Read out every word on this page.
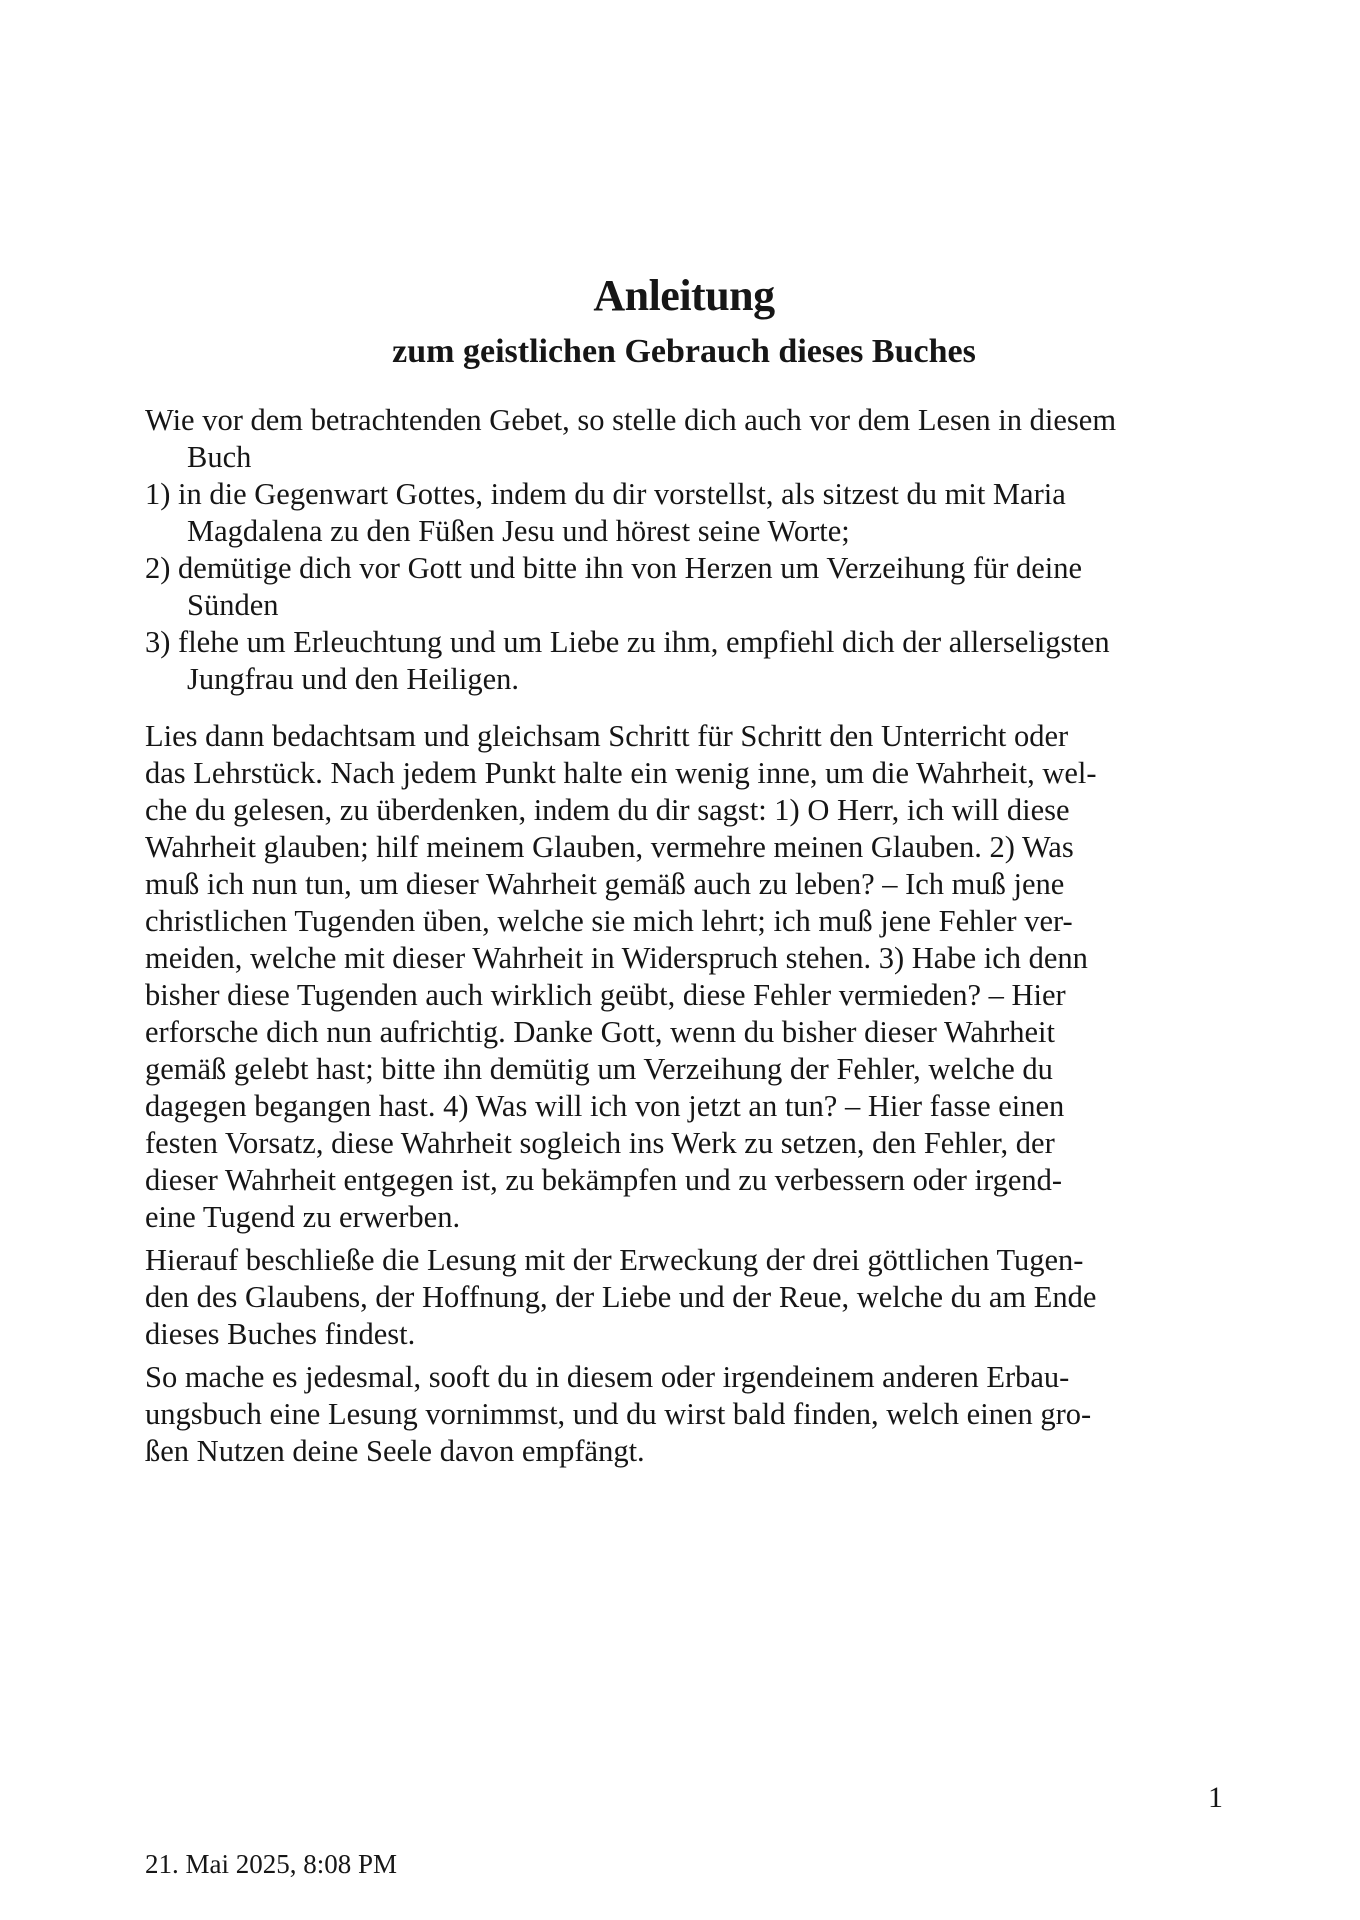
Anleitung
zum geistlichen Gebrauch dieses Buches
Wie vor dem betrachtenden Gebet, so stelle dich auch vor dem Lesen in diesem
Buch
1) in die Gegenwart Gottes, indem du dir vorstellst, als sitzest du mit Maria
Magdalena zu den Füßen Jesu und hörest seine Worte;
2) demütige dich vor Gott und bitte ihn von Herzen um Verzeihung für deine
Sünden
3) flehe um Erleuchtung und um Liebe zu ihm, empfiehl dich der allerseligsten
Jungfrau und den Heiligen.
Lies dann bedachtsam und gleichsam Schritt für Schritt den Unterricht oder
das Lehrstück. Nach jedem Punkt halte ein wenig inne, um die Wahrheit, wel-
che du gelesen, zu überdenken, indem du dir sagst: 1) O Herr, ich will diese
Wahrheit glauben; hilf meinem Glauben, vermehre meinen Glauben. 2) Was
muß ich nun tun, um dieser Wahrheit gemäß auch zu leben? – Ich muß jene
christlichen Tugenden üben, welche sie mich lehrt; ich muß jene Fehler ver-
meiden, welche mit dieser Wahrheit in Widerspruch stehen. 3) Habe ich denn
bisher diese Tugenden auch wirklich geübt, diese Fehler vermieden? – Hier
erforsche dich nun aufrichtig. Danke Gott, wenn du bisher dieser Wahrheit
gemäß gelebt hast; bitte ihn demütig um Verzeihung der Fehler, welche du
dagegen begangen hast. 4) Was will ich von jetzt an tun? – Hier fasse einen
festen Vorsatz, diese Wahrheit sogleich ins Werk zu setzen, den Fehler, der
dieser Wahrheit entgegen ist, zu bekämpfen und zu verbessern oder irgend-
eine Tugend zu erwerben.
Hierauf beschließe die Lesung mit der Erweckung der drei göttlichen Tugen-
den des Glaubens, der Hoffnung, der Liebe und der Reue, welche du am Ende
dieses Buches findest.
So mache es jedesmal, sooft du in diesem oder irgendeinem anderen Erbau-
ungsbuch eine Lesung vornimmst, und du wirst bald finden, welch einen gro-
ßen Nutzen deine Seele davon empfängt.
1
21. Mai 2025, 8:08 PM
